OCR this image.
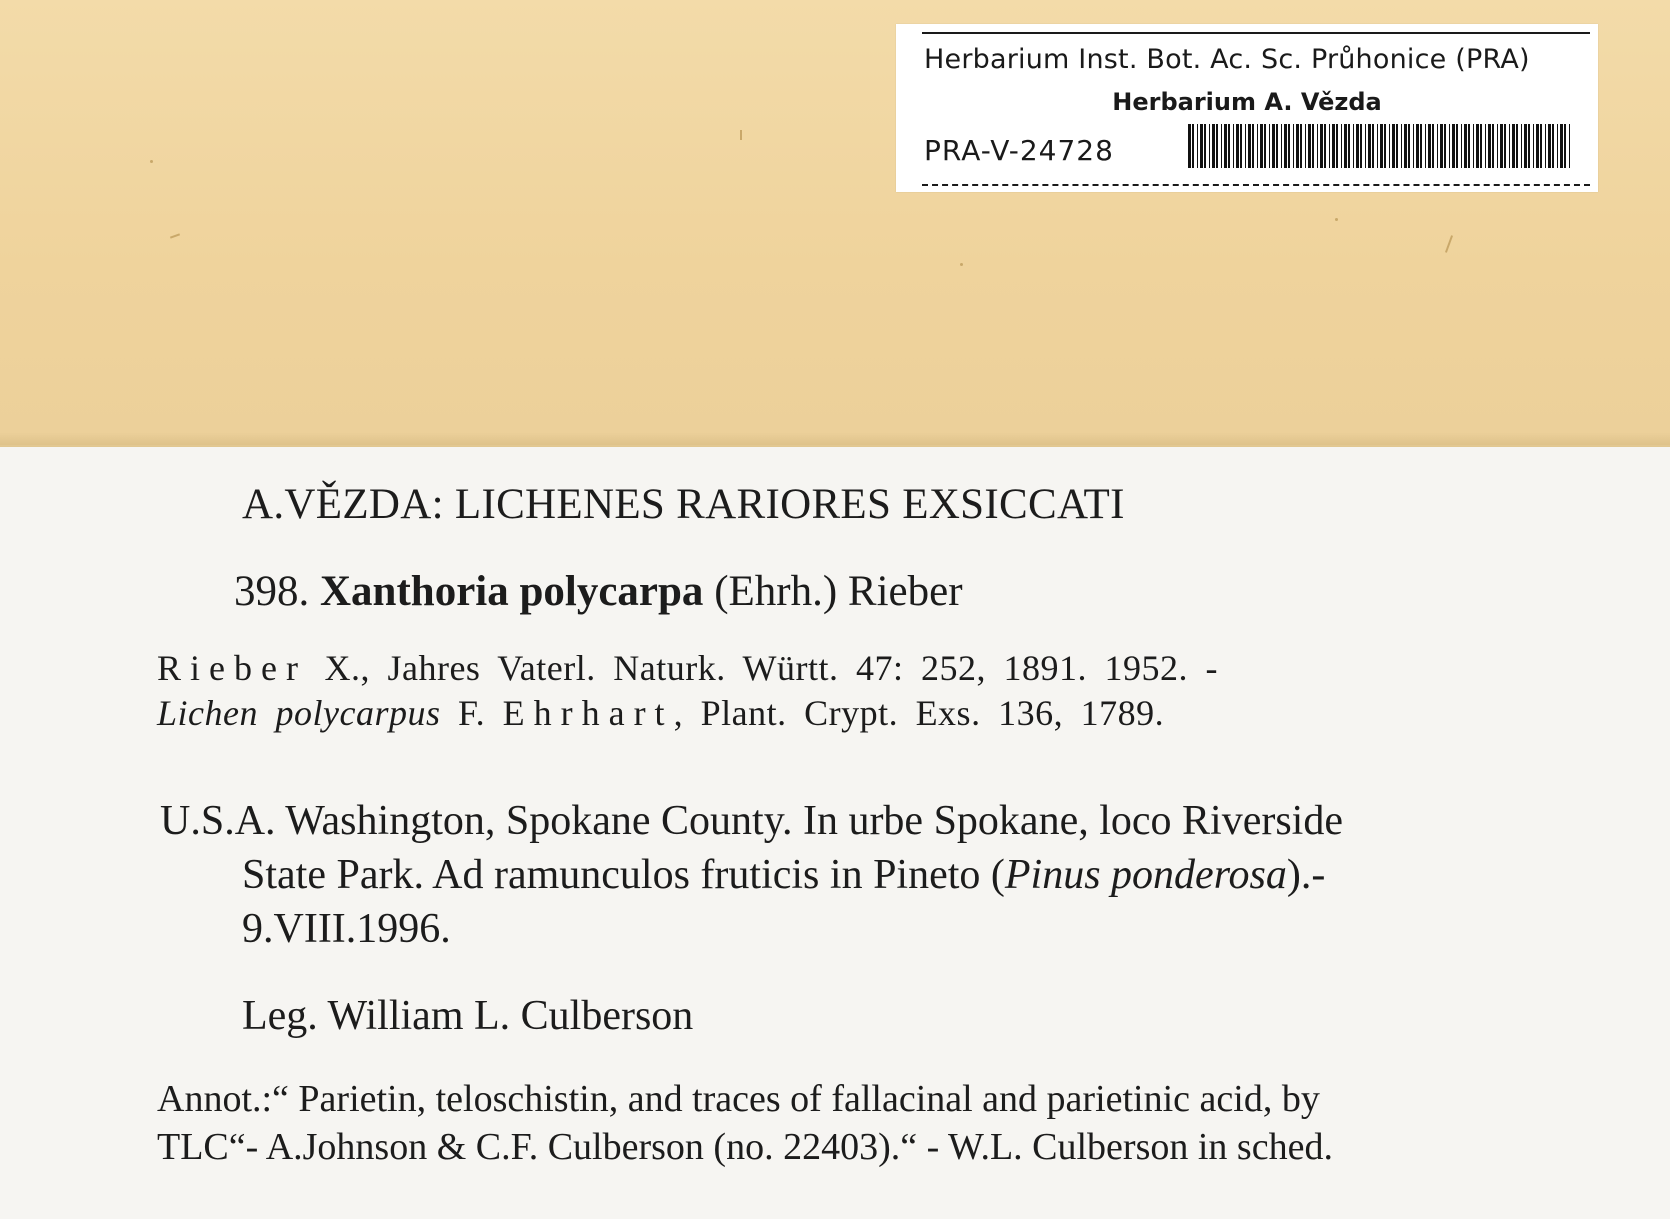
Herbarium Inst. Bot. Ac. Sc. Průhonice (PRA)
Herbarium A. Vězda
PRA-V-24728
A.VĚZDA: LICHENES RARIORES EXSICCATI
398. Xanthoria polycarpa (Ehrh.) Rieber
Rieber X., Jahres Vaterl. Naturk. Württ. 47: 252, 1891. 1952. -
Lichen polycarpus F. Ehrhart, Plant. Crypt. Exs. 136, 1789.
U.S.A. Washington, Spokane County. In urbe Spokane, loco Riverside
State Park. Ad ramunculos fruticis in Pineto (Pinus ponderosa).-
9.VIII.1996.
Leg. William L. Culberson
Annot.:“ Parietin, teloschistin, and traces of fallacinal and parietinic acid, by
TLC“- A.Johnson & C.F. Culberson (no. 22403).“ - W.L. Culberson in sched.
